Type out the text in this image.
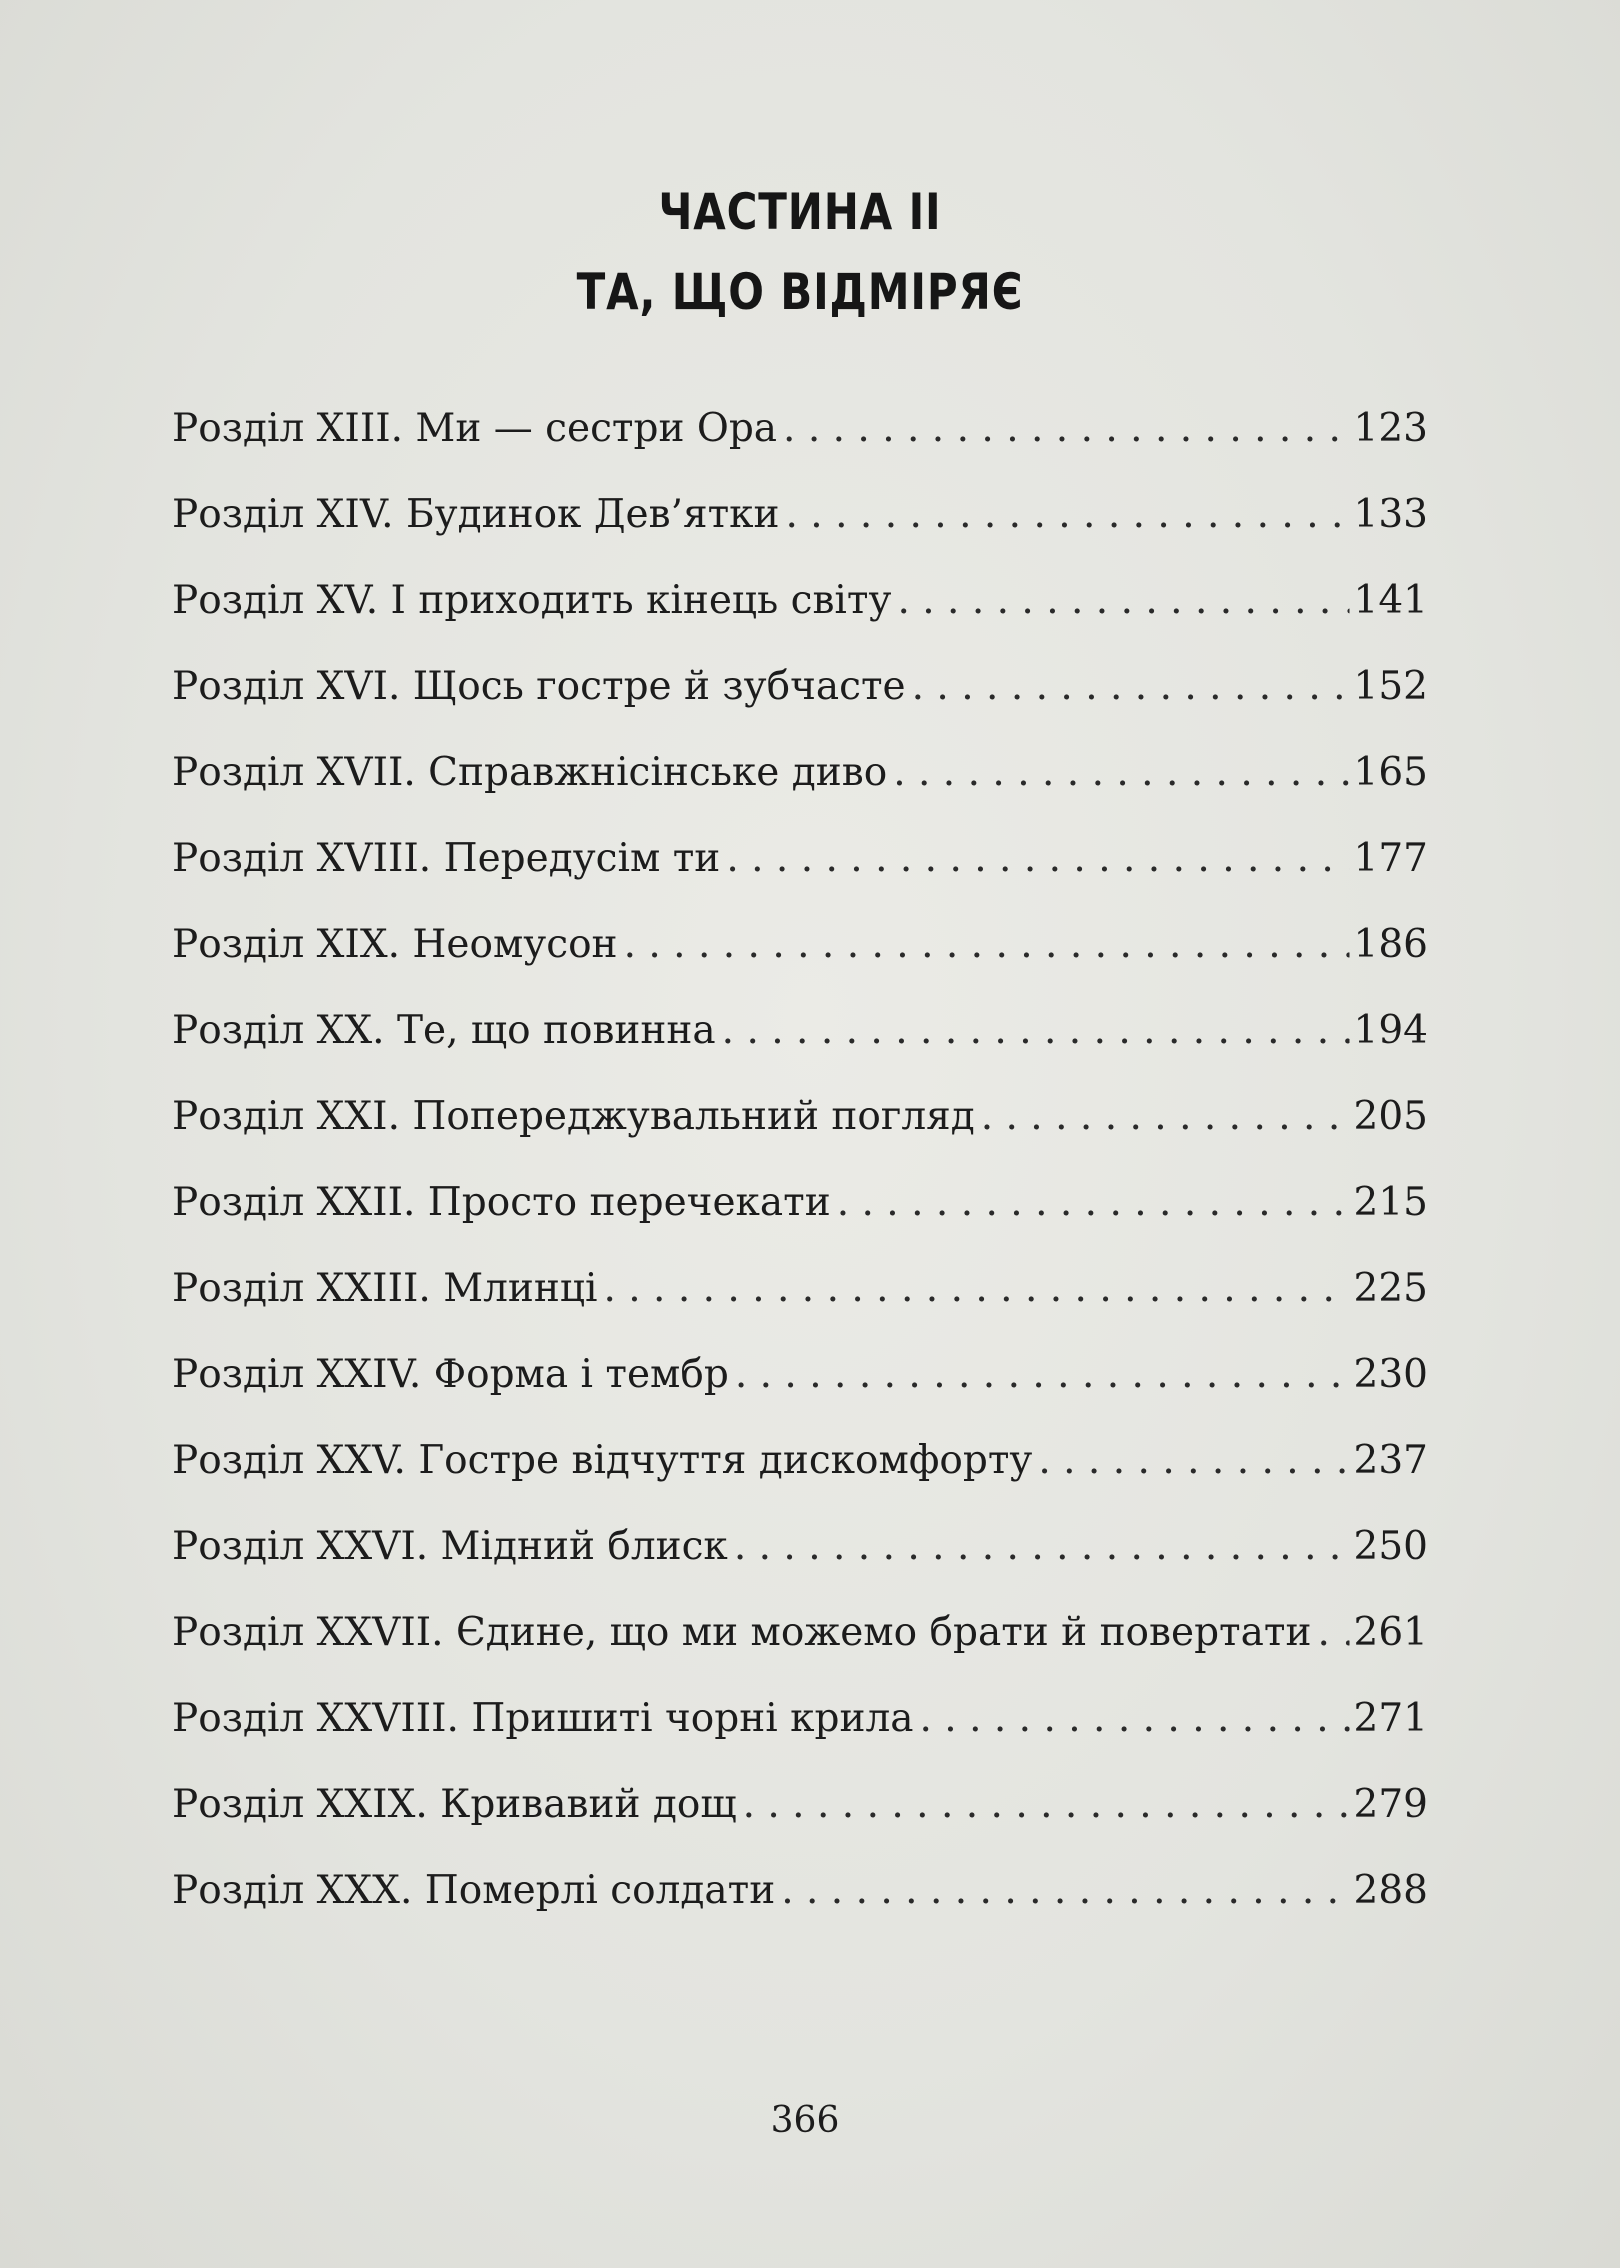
ЧАСТИНА II
ТА, ЩО ВІДМІРЯЄ
Розділ XIII. Ми — сестри Ора . . .	123
Розділ XIV. Будинок Дев’ятки . . .	133
Розділ XV. І приходить кінець світу . . .	141
Розділ XVI. Щось гостре й зубчасте . . .	152
Розділ XVII. Справжнісінське диво . . .	165
Розділ XVIII. Передусім ти . . .	177
Розділ XIX. Неомусон . . .	186
Розділ XX. Те, що повинна . . .	194
Розділ XXI. Попереджувальний погляд . . .	205
Розділ XXII. Просто перечекати . . .	215
Розділ XXIII. Млинці . . .	225
Розділ XXIV. Форма і тембр . . .	230
Розділ XXV. Гостре відчуття дискомфорту . . .	237
Розділ XXVI. Мідний блиск . . .	250
Розділ XXVII. Єдине, що ми можемо брати й повертати . . . 261
Розділ XXVIII. Пришиті чорні крила . . .	271
Розділ XXIX. Кривавий дощ . . .	279
Розділ XXX. Померлі солдати . . .	288
366
